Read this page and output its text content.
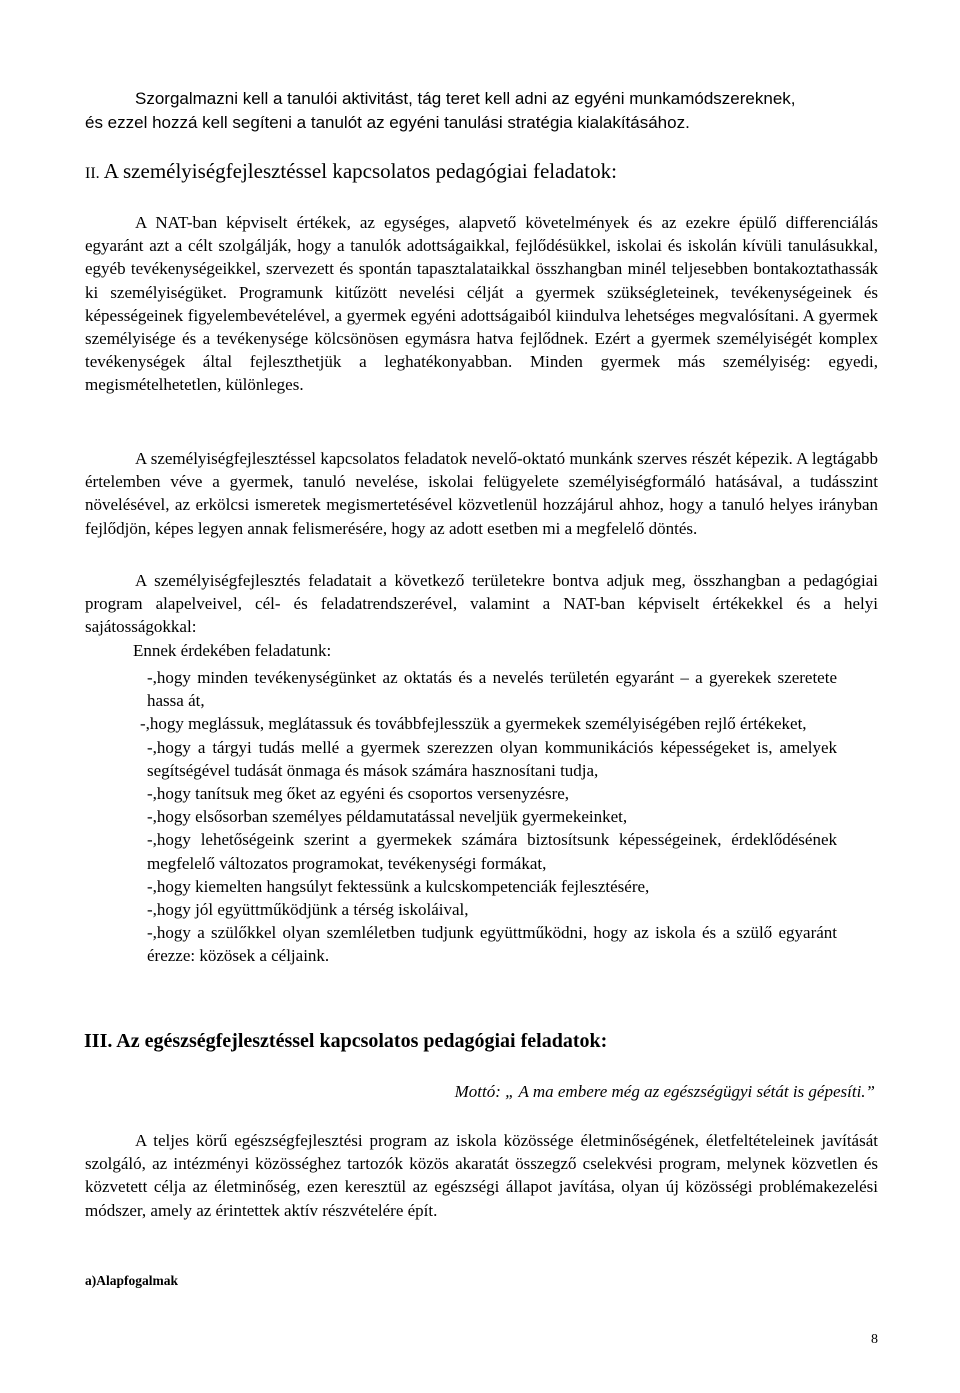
Szorgalmazni kell a tanulói aktivitást, tág teret kell adni az egyéni munkamódszereknek,
és ezzel hozzá kell segíteni a tanulót az egyéni tanulási stratégia kialakításához.
II. A személyiségfejlesztéssel kapcsolatos pedagógiai feladatok:

A NAT-ban képviselt értékek, az egységes, alapvető követelmények és az ezekre épülő differenciálás egyaránt azt a célt szolgálják, hogy a tanulók adottságaikkal, fejlődésükkel, iskolai és iskolán kívüli tanulásukkal, egyéb tevékenységeikkel, szervezett és spontán tapasztalataikkal összhangban minél teljesebben bontakoztathassák ki személyiségüket. Programunk kitűzött nevelési célját a gyermek szükségleteinek, tevékenységeinek és képességeinek figyelembevételével, a gyermek egyéni adottságaiból kiindulva lehetséges megvalósítani. A gyermek személyisége és a tevékenysége kölcsönösen egymásra hatva fejlődnek. Ezért a gyermek személyiségét komplex tevékenységek által fejleszthetjük a leghatékonyabban. Minden gyermek más személyiség: egyedi, megismételhetetlen, különleges.

A személyiségfejlesztéssel kapcsolatos feladatok nevelő-oktató munkánk szerves részét képezik. A legtágabb értelemben véve a gyermek, tanuló nevelése, iskolai felügyelete személyiségformáló hatásával, a tudásszint növelésével, az erkölcsi ismeretek megismertetésével közvetlenül hozzájárul ahhoz, hogy a tanuló helyes irányban fejlődjön, képes legyen annak felismerésére, hogy az adott esetben mi a megfelelő döntés.

A személyiségfejlesztés feladatait a következő területekre bontva adjuk meg, összhangban a pedagógiai program alapelveivel, cél- és feladatrendszerével, valamint a NAT-ban képviselt értékekkel és a helyi sajátosságokkal:

Ennek érdekében feladatunk:

-,hogy minden tevékenységünket az oktatás és a nevelés területén egyaránt – a gyerekek szeretete hassa át,
-,hogy meglássuk, meglátassuk és továbbfejlesszük a gyermekek személyiségében rejlő értékeket,
-,hogy a tárgyi tudás mellé a gyermek szerezzen olyan kommunikációs képességeket is, amelyek segítségével tudását önmaga és mások számára hasznosítani tudja,
-,hogy tanítsuk meg őket az egyéni és csoportos versenyzésre,
-,hogy elsősorban személyes példamutatással neveljük gyermekeinket,
-,hogy lehetőségeink szerint a gyermekek számára biztosítsunk képességeinek, érdeklődésének megfelelő változatos programokat, tevékenységi formákat,
-,hogy kiemelten hangsúlyt fektessünk a kulcskompetenciák fejlesztésére,
-,hogy jól együttműködjünk a térség iskoláival,
-,hogy a szülőkkel olyan szemléletben tudjunk együttműködni, hogy az iskola és a szülő egyaránt érezze: közösek a céljaink.
III. Az egészségfejlesztéssel kapcsolatos pedagógiai feladatok:
Mottó: „ A ma embere még az egészségügyi sétát is gépesíti.”

A teljes körű egészségfejlesztési program az iskola közössége életminőségének, életfeltételeinek javítását szolgáló, az intézményi közösséghez tartozók közös akaratát összegző cselekvési program, melynek közvetlen és közvetett célja az életminőség, ezen keresztül az egészségi állapot javítása, olyan új közösségi problémakezelési módszer, amely az érintettek aktív részvételére épít.

a)Alapfogalmak
8
